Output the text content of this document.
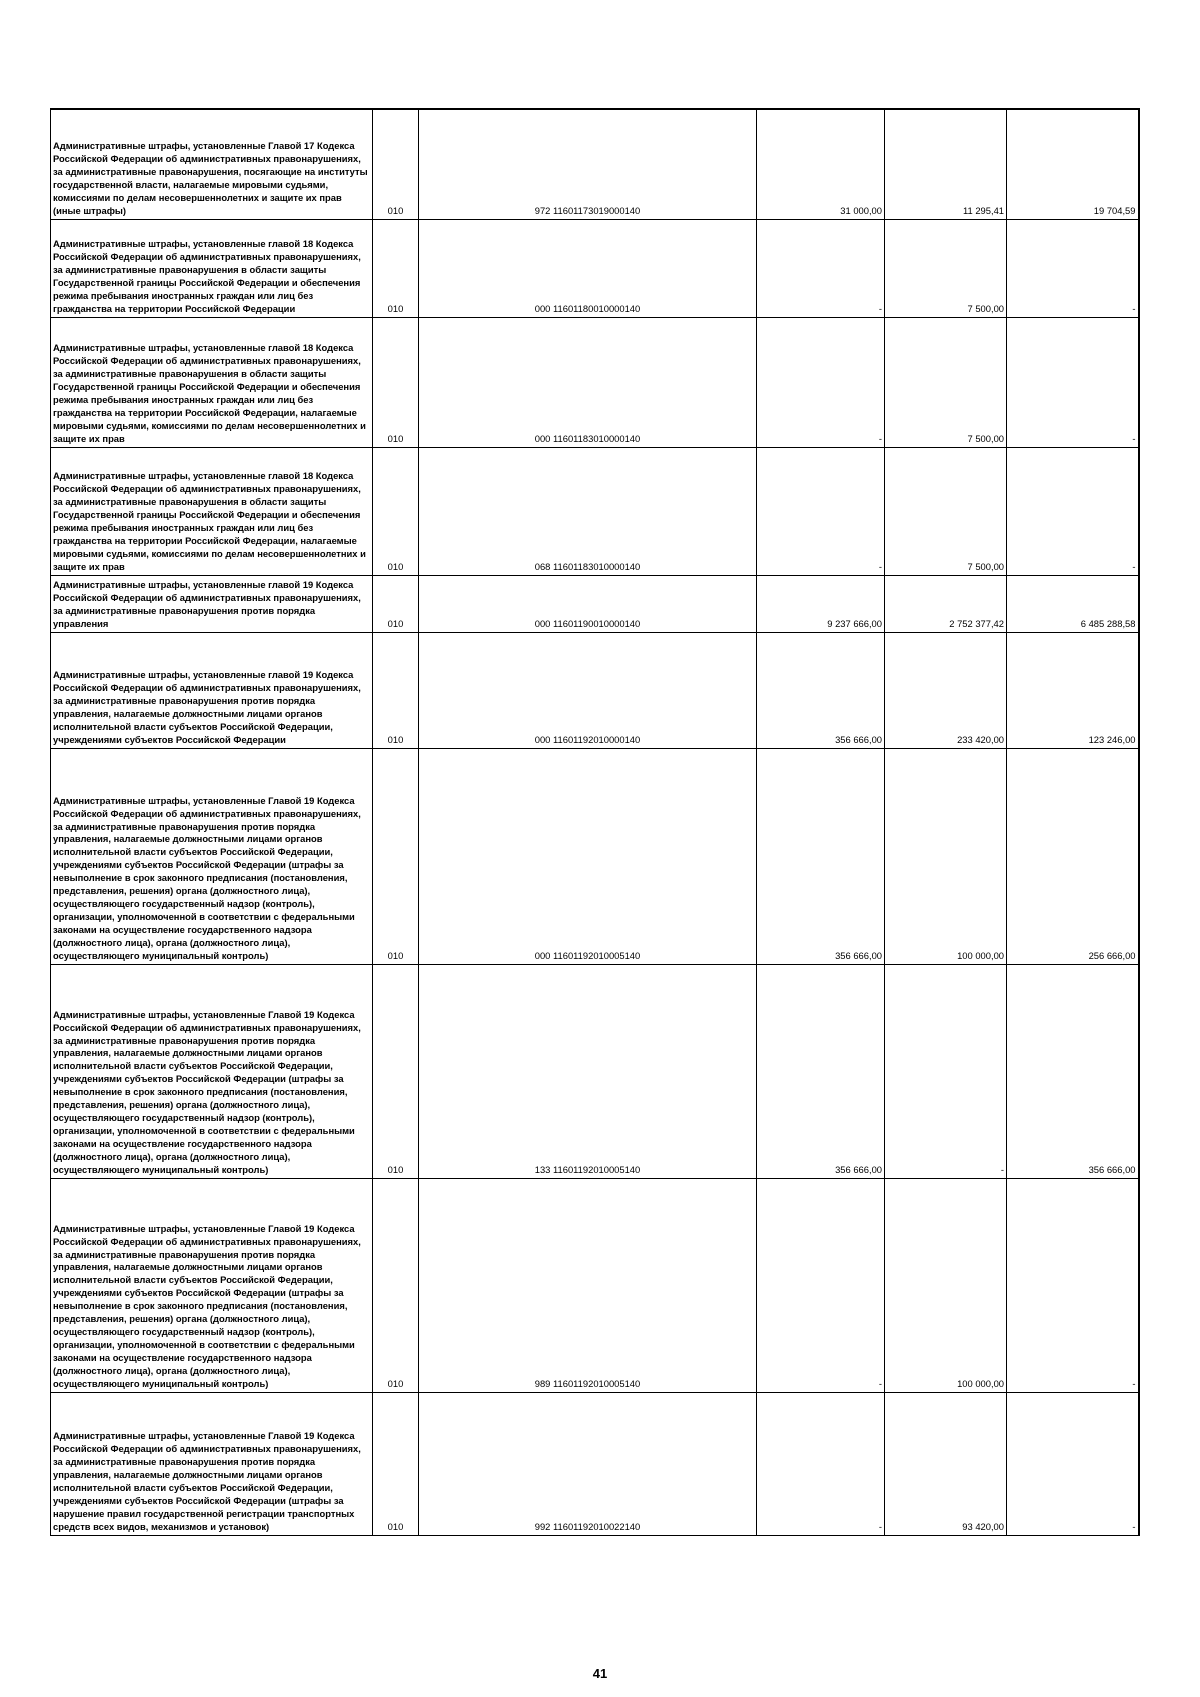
Административные штрафы, установленные Главой 17 Кодекса Российской Федерации об административных правонарушениях, за административные правонарушения, посягающие на институты государственной власти, налагаемые мировыми судьями, комиссиями по делам несовершеннолетних и защите их прав (иные штрафы)	010	972 11601173019000140	31 000,00	11 295,41	19 704,59
Административные штрафы, установленные главой 18 Кодекса Российской Федерации об административных правонарушениях, за административные правонарушения в области защиты Государственной границы Российской Федерации и обеспечения режима пребывания иностранных граждан или лиц без гражданства на территории Российской Федерации	010	000 11601180010000140	-	7 500,00	-
Административные штрафы, установленные главой 18 Кодекса Российской Федерации об административных правонарушениях, за административные правонарушения в области защиты Государственной границы Российской Федерации и обеспечения режима пребывания иностранных граждан или лиц без гражданства на территории Российской Федерации, налагаемые мировыми судьями, комиссиями по делам несовершеннолетних и защите их прав	010	000 11601183010000140	-	7 500,00	-
Административные штрафы, установленные главой 18 Кодекса Российской Федерации об административных правонарушениях, за административные правонарушения в области защиты Государственной границы Российской Федерации и обеспечения режима пребывания иностранных граждан или лиц без гражданства на территории Российской Федерации, налагаемые мировыми судьями, комиссиями по делам несовершеннолетних и защите их прав	010	068 11601183010000140	-	7 500,00	-
Административные штрафы, установленные главой 19 Кодекса Российской Федерации об административных правонарушениях, за административные правонарушения против порядка управления	010	000 11601190010000140	9 237 666,00	2 752 377,42	6 485 288,58
Административные штрафы, установленные главой 19 Кодекса Российской Федерации об административных правонарушениях, за административные правонарушения против порядка управления, налагаемые должностными лицами органов исполнительной власти субъектов Российской Федерации, учреждениями субъектов Российской Федерации	010	000 11601192010000140	356 666,00	233 420,00	123 246,00
Административные штрафы, установленные Главой 19 Кодекса Российской Федерации об административных правонарушениях, за административные правонарушения против порядка управления, налагаемые должностными лицами органов исполнительной власти субъектов Российской Федерации, учреждениями субъектов Российской Федерации (штрафы за невыполнение в срок законного предписания (постановления, представления, решения) органа (должностного лица), осуществляющего государственный надзор (контроль), организации, уполномоченной в соответствии с федеральными законами на осуществление государственного надзора (должностного лица), органа (должностного лица), осуществляющего муниципальный контроль)	010	000 11601192010005140	356 666,00	100 000,00	256 666,00
Административные штрафы, установленные Главой 19 Кодекса Российской Федерации об административных правонарушениях, за административные правонарушения против порядка управления, налагаемые должностными лицами органов исполнительной власти субъектов Российской Федерации, учреждениями субъектов Российской Федерации (штрафы за невыполнение в срок законного предписания (постановления, представления, решения) органа (должностного лица), осуществляющего государственный надзор (контроль), организации, уполномоченной в соответствии с федеральными законами на осуществление государственного надзора (должностного лица), органа (должностного лица), осуществляющего муниципальный контроль)	010	133 11601192010005140	356 666,00	-	356 666,00
Административные штрафы, установленные Главой 19 Кодекса Российской Федерации об административных правонарушениях, за административные правонарушения против порядка управления, налагаемые должностными лицами органов исполнительной власти субъектов Российской Федерации, учреждениями субъектов Российской Федерации (штрафы за невыполнение в срок законного предписания (постановления, представления, решения) органа (должностного лица), осуществляющего государственный надзор (контроль), организации, уполномоченной в соответствии с федеральными законами на осуществление государственного надзора (должностного лица), органа (должностного лица), осуществляющего муниципальный контроль)	010	989 11601192010005140	-	100 000,00	-
Административные штрафы, установленные Главой 19 Кодекса Российской Федерации об административных правонарушениях, за административные правонарушения против порядка управления, налагаемые должностными лицами органов исполнительной власти субъектов Российской Федерации, учреждениями субъектов Российской Федерации (штрафы за нарушение правил государственной регистрации транспортных средств всех видов, механизмов и установок)	010	992 11601192010022140	-	93 420,00	-
41
